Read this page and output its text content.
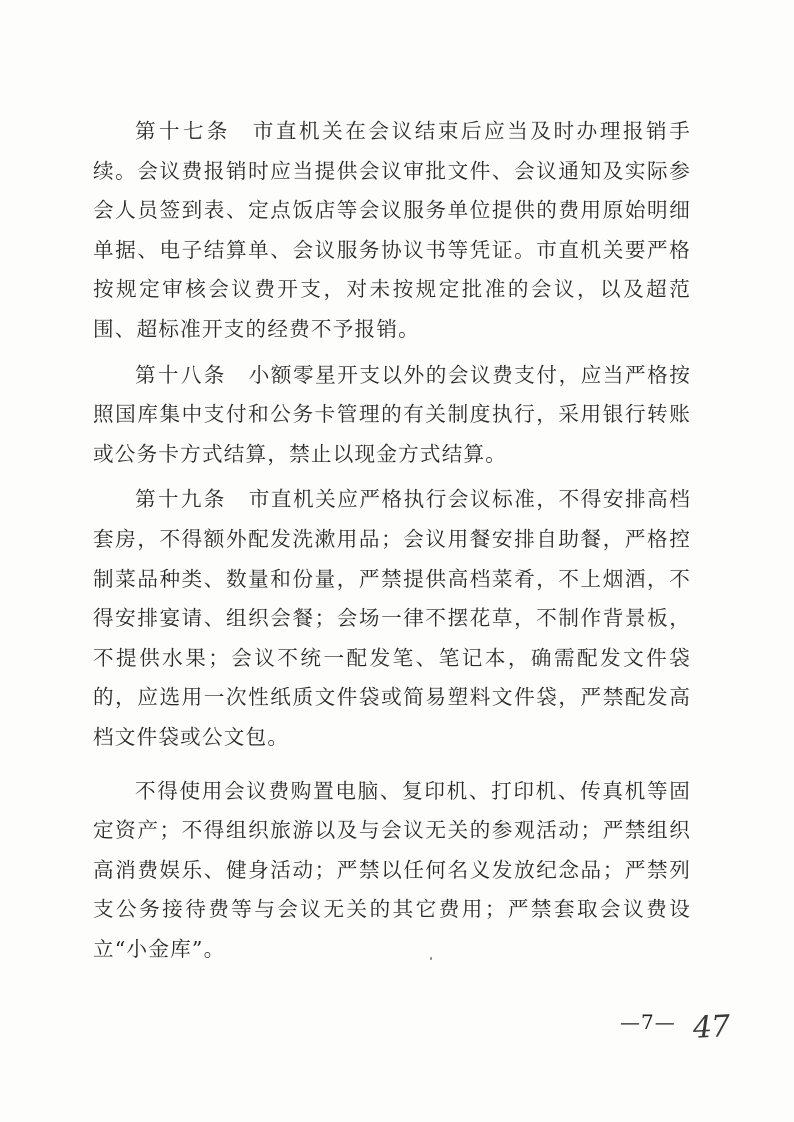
第十七条 市直机关在会议结束后应当及时办理报销手续。会议费报销时应当提供会议审批文件、会议通知及实际参会人员签到表、定点饭店等会议服务单位提供的费用原始明细单据、电子结算单、会议服务协议书等凭证。市直机关要严格按规定审核会议费开支，对未按规定批准的会议，以及超范围、超标准开支的经费不予报销。

第十八条 小额零星开支以外的会议费支付，应当严格按照国库集中支付和公务卡管理的有关制度执行，采用银行转账或公务卡方式结算，禁止以现金方式结算。

第十九条 市直机关应严格执行会议标准，不得安排高档套房，不得额外配发洗漱用品；会议用餐安排自助餐，严格控制菜品种类、数量和份量，严禁提供高档菜肴，不上烟酒，不得安排宴请、组织会餐；会场一律不摆花草，不制作背景板，不提供水果；会议不统一配发笔、笔记本，确需配发文件袋的，应选用一次性纸质文件袋或简易塑料文件袋，严禁配发高档文件袋或公文包。

不得使用会议费购置电脑、复印机、打印机、传真机等固定资产；不得组织旅游以及与会议无关的参观活动；严禁组织高消费娱乐、健身活动；严禁以任何名义发放纪念品；严禁列支公务接待费等与会议无关的其它费用；严禁套取会议费设立“小金库”。

—7— 47
